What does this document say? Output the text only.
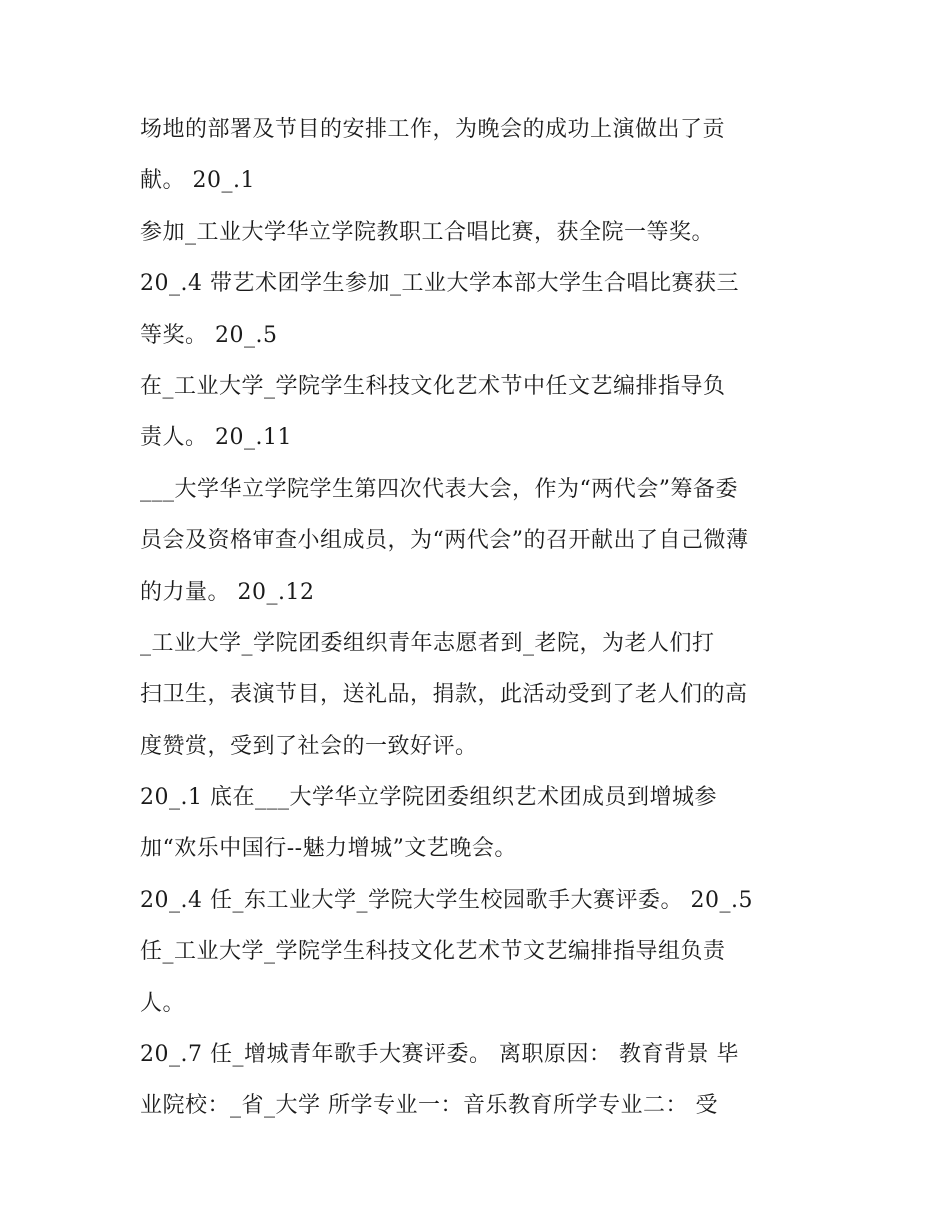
场地的部署及节目的安排工作，为晚会的成功上演做出了贡
献。 20_.1
参加_工业大学华立学院教职工合唱比赛，获全院一等奖。
20_.4 带艺术团学生参加_工业大学本部大学生合唱比赛获三
等奖。 20_.5
在_工业大学_学院学生科技文化艺术节中任文艺编排指导负
责人。 20_.11
___大学华立学院学生第四次代表大会，作为“两代会”筹备委
员会及资格审查小组成员，为“两代会”的召开献出了自己微薄
的力量。 20_.12
_工业大学_学院团委组织青年志愿者到_老院，为老人们打
扫卫生，表演节目，送礼品，捐款，此活动受到了老人们的高
度赞赏，受到了社会的一致好评。
20_.1 底在___大学华立学院团委组织艺术团成员到增城参
加“欢乐中国行--魅力增城”文艺晚会。
20_.4 任_东工业大学_学院大学生校园歌手大赛评委。 20_.5
任_工业大学_学院学生科技文化艺术节文艺编排指导组负责
人。
20_.7 任_增城青年歌手大赛评委。 离职原因： 教育背景 毕
业院校：_省_大学 所学专业一：音乐教育所学专业二： 受
